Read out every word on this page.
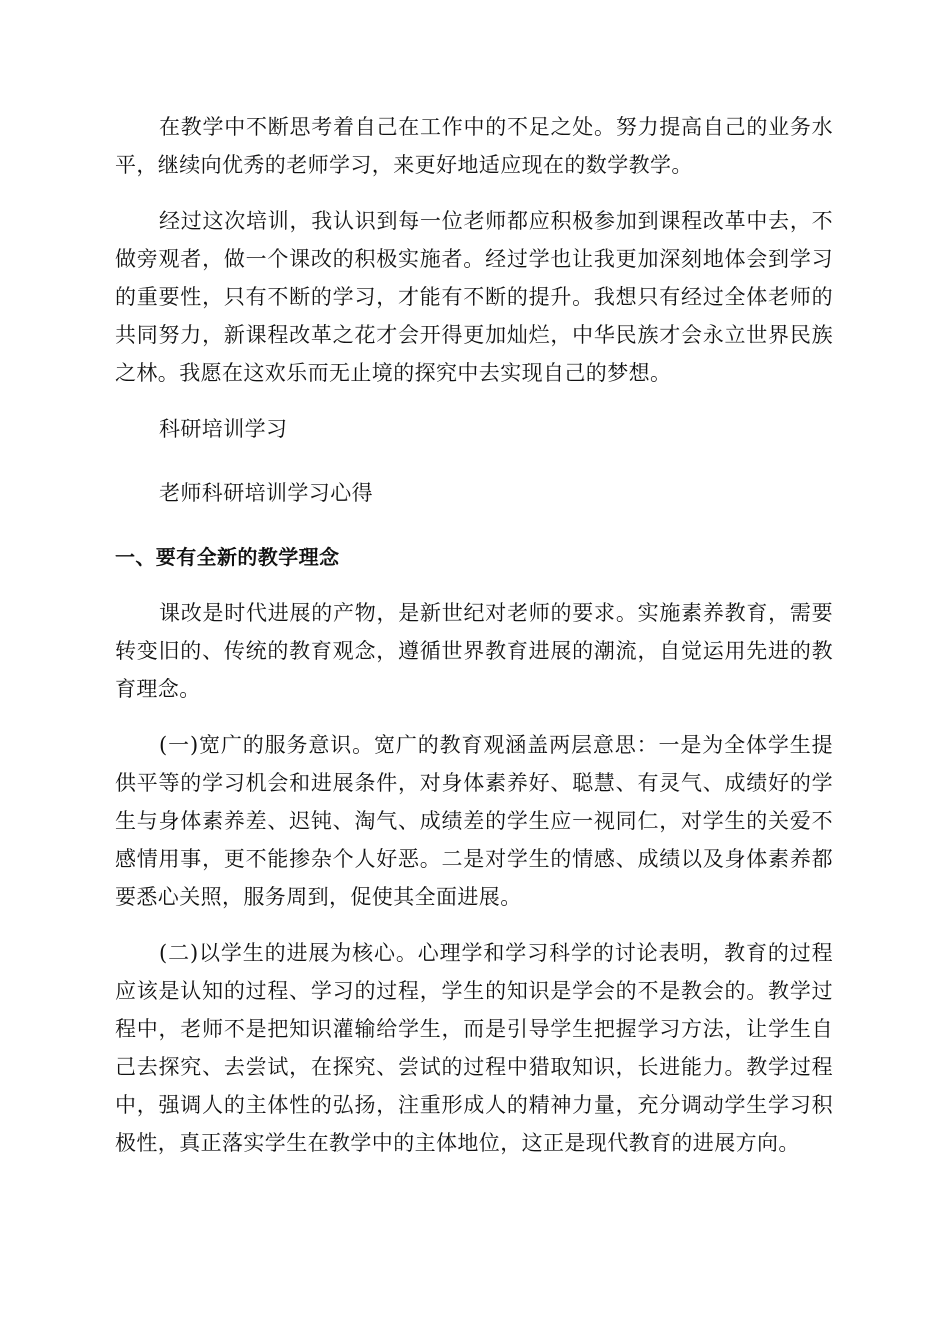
在教学中不断思考着自己在工作中的不足之处。努力提高自己的业务水平，继续向优秀的老师学习，来更好地适应现在的数学教学。

经过这次培训，我认识到每一位老师都应积极参加到课程改革中去，不做旁观者，做一个课改的积极实施者。经过学也让我更加深刻地体会到学习的重要性，只有不断的学习，才能有不断的提升。我想只有经过全体老师的共同努力，新课程改革之花才会开得更加灿烂，中华民族才会永立世界民族之林。我愿在这欢乐而无止境的探究中去实现自己的梦想。

科研培训学习

老师科研培训学习心得

一、要有全新的教学理念

课改是时代进展的产物，是新世纪对老师的要求。实施素养教育，需要转变旧的、传统的教育观念，遵循世界教育进展的潮流，自觉运用先进的教育理念。

(一)宽广的服务意识。宽广的教育观涵盖两层意思：一是为全体学生提供平等的学习机会和进展条件，对身体素养好、聪慧、有灵气、成绩好的学生与身体素养差、迟钝、淘气、成绩差的学生应一视同仁，对学生的关爱不感情用事，更不能掺杂个人好恶。二是对学生的情感、成绩以及身体素养都要悉心关照，服务周到，促使其全面进展。

(二)以学生的进展为核心。心理学和学习科学的讨论表明，教育的过程应该是认知的过程、学习的过程，学生的知识是学会的不是教会的。教学过程中，老师不是把知识灌输给学生，而是引导学生把握学习方法，让学生自己去探究、去尝试，在探究、尝试的过程中猎取知识，长进能力。教学过程中，强调人的主体性的弘扬，注重形成人的精神力量，充分调动学生学习积极性，真正落实学生在教学中的主体地位，这正是现代教育的进展方向。
